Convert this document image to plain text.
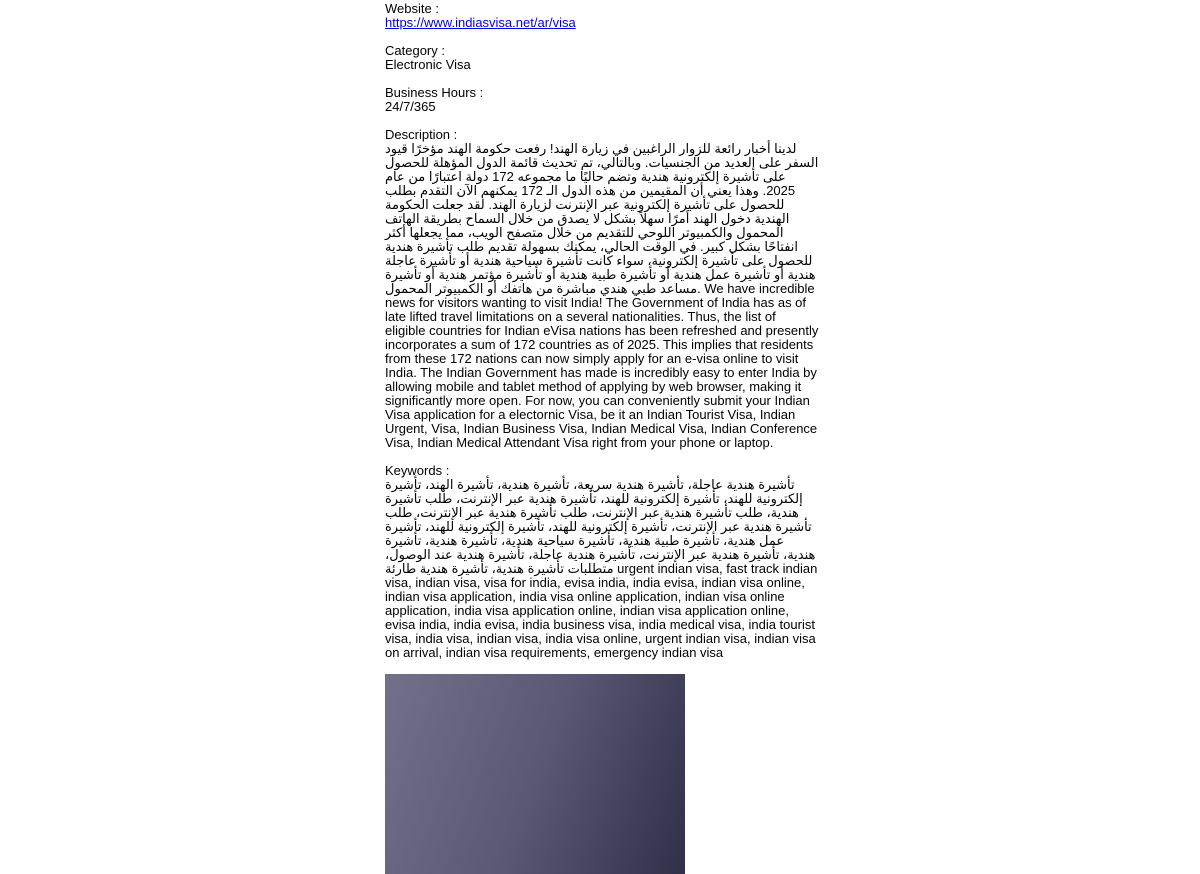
Website :
https://www.indiasvisa.net/ar/visa
Category :
Electronic Visa
Business Hours :
24/7/365
Description :
لدينا أخبار رائعة للزوار الراغبين في زيارة الهند! رفعت حكومة الهند مؤخرًا قيود السفر على العديد من الجنسيات. وبالتالي، تم تحديث قائمة الدول المؤهلة للحصول على تأشيرة إلكترونية هندية وتضم حاليًا ما مجموعه 172 دولة اعتبارًا من عام 2025. وهذا يعني أن المقيمين من هذه الدول الـ 172 يمكنهم الآن التقدم بطلب للحصول على تأشيرة إلكترونية عبر الإنترنت لزيارة الهند. لقد جعلت الحكومة الهندية دخول الهند أمرًا سهلاً بشكل لا يصدق من خلال السماح بطريقة الهاتف المحمول والكمبيوتر اللوحي للتقديم من خلال متصفح الويب، مما يجعلها أكثر انفتاحًا بشكل كبير. في الوقت الحالي، يمكنك بسهولة تقديم طلب تأشيرة هندية للحصول على تأشيرة إلكترونية، سواء كانت تأشيرة سياحية هندية أو تأشيرة عاجلة هندية أو تأشيرة عمل هندية أو تأشيرة طبية هندية أو تأشيرة مؤتمر هندية أو تأشيرة مساعد طبي هندي مباشرة من هاتفك أو الكمبيوتر المحمول. We have incredible news for visitors wanting to visit India! The Government of India has as of late lifted travel limitations on a several nationalities. Thus, the list of eligible countries for Indian eVisa nations has been refreshed and presently incorporates a sum of 172 countries as of 2025. This implies that residents from these 172 nations can now simply apply for an e-visa online to visit India. The Indian Government has made is incredibly easy to enter India by allowing mobile and tablet method of applying by web browser, making it significantly more open. For now, you can conveniently submit your Indian Visa application for a electornic Visa, be it an Indian Tourist Visa, Indian Urgent, Visa, Indian Business Visa, Indian Medical Visa, Indian Conference Visa, Indian Medical Attendant Visa right from your phone or laptop.
Keywords :
تأشيرة هندية عاجلة، تأشيرة هندية سريعة، تأشيرة هندية، تأشيرة الهند، تأشيرة إلكترونية للهند، تأشيرة إلكترونية للهند، تأشيرة هندية عبر الإنترنت، طلب تأشيرة هندية، طلب تأشيرة هندية عبر الإنترنت، طلب تأشيرة هندية عبر الإنترنت، طلب تأشيرة هندية عبر الإنترنت، تأشيرة إلكترونية للهند، تأشيرة إلكترونية للهند، تأشيرة عمل هندية، تأشيرة طبية هندية، تأشيرة سياحية هندية، تأشيرة هندية، تأشيرة هندية، تأشيرة هندية عبر الإنترنت، تأشيرة هندية عاجلة، تأشيرة هندية عند الوصول، متطلبات تأشيرة هندية، تأشيرة هندية طارئة urgent indian visa, fast track indian visa, indian visa, visa for india, evisa india, india evisa, indian visa online, indian visa application, india visa online application, indian visa online application, india visa application online, indian visa application online, evisa india, india evisa, india business visa, india medical visa, india tourist visa, india visa, indian visa, india visa online, urgent indian visa, indian visa on arrival, indian visa requirements, emergency indian visa
